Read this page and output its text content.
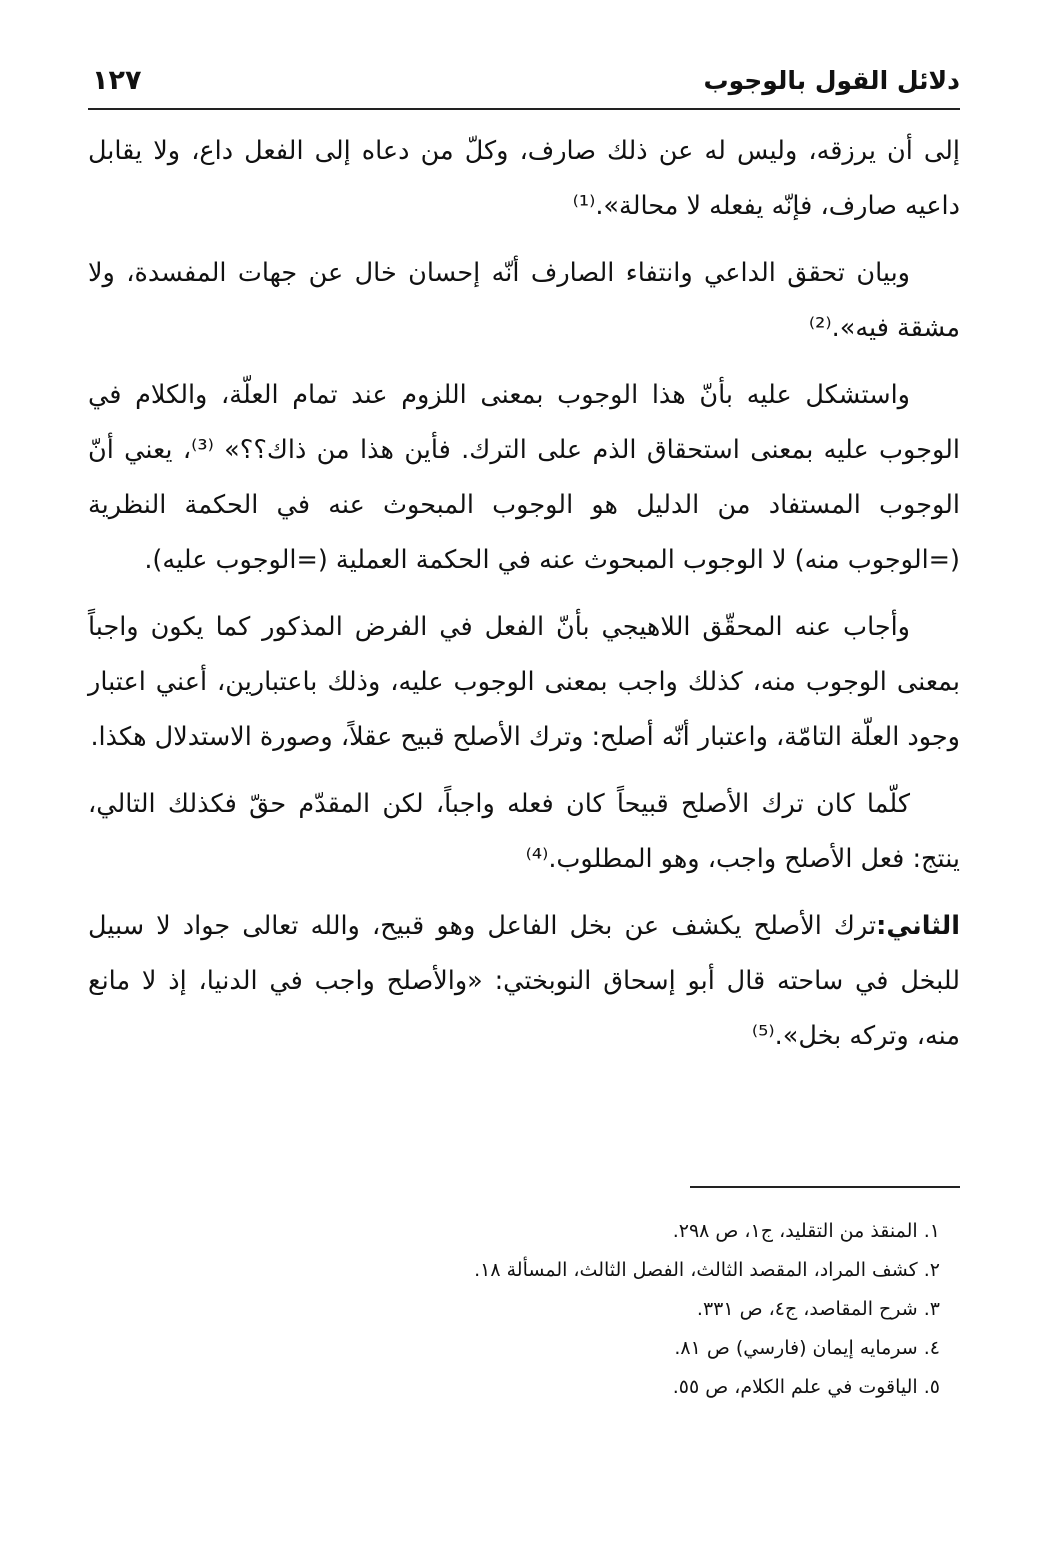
١٢٧	دلائل القول بالوجوب

إلى أن يرزقه، وليس له عن ذلك صارف، وكلّ من دعاه إلى الفعل داع، ولا يقابل داعيه صارف، فإنّه يفعله لا محالة».⁽¹⁾

وبيان تحقق الداعي وانتفاء الصارف أنّه إحسان خال عن جهات المفسدة، ولا مشقة فيه».⁽²⁾

واستشكل عليه بأنّ هذا الوجوب بمعنى اللزوم عند تمام العلّة، والكلام في الوجوب عليه بمعنى استحقاق الذم على الترك. فأين هذا من ذاك؟؟» ⁽³⁾، يعني أنّ الوجوب المستفاد من الدليل هو الوجوب المبحوث عنه في الحكمة النظرية (=الوجوب منه) لا الوجوب المبحوث عنه في الحكمة العملية (=الوجوب عليه).

وأجاب عنه المحقّق اللاهيجي بأنّ الفعل في الفرض المذكور كما يكون واجباً بمعنى الوجوب منه، كذلك واجب بمعنى الوجوب عليه، وذلك باعتبارين، أعني اعتبار وجود العلّة التامّة، واعتبار أنّه أصلح: وترك الأصلح قبيح عقلاً، وصورة الاستدلال هكذا.

كلّما كان ترك الأصلح قبيحاً كان فعله واجباً، لكن المقدّم حقّ فكذلك التالي، ينتج: فعل الأصلح واجب، وهو المطلوب.⁽⁴⁾

الثاني:ترك الأصلح يكشف عن بخل الفاعل وهو قبيح، والله تعالى جواد لا سبيل للبخل في ساحته قال أبو إسحاق النوبختي: «والأصلح واجب في الدنيا، إذ لا مانع منه، وتركه بخل».⁽⁵⁾

١. المنقذ من التقليد، ج١، ص ٢٩٨.
٢. كشف المراد، المقصد الثالث، الفصل الثالث، المسألة ١٨.
٣. شرح المقاصد، ج٤، ص ٣٣١.
٤. سرمايه إيمان (فارسي) ص ٨١.
٥. الياقوت في علم الكلام، ص ٥٥.
